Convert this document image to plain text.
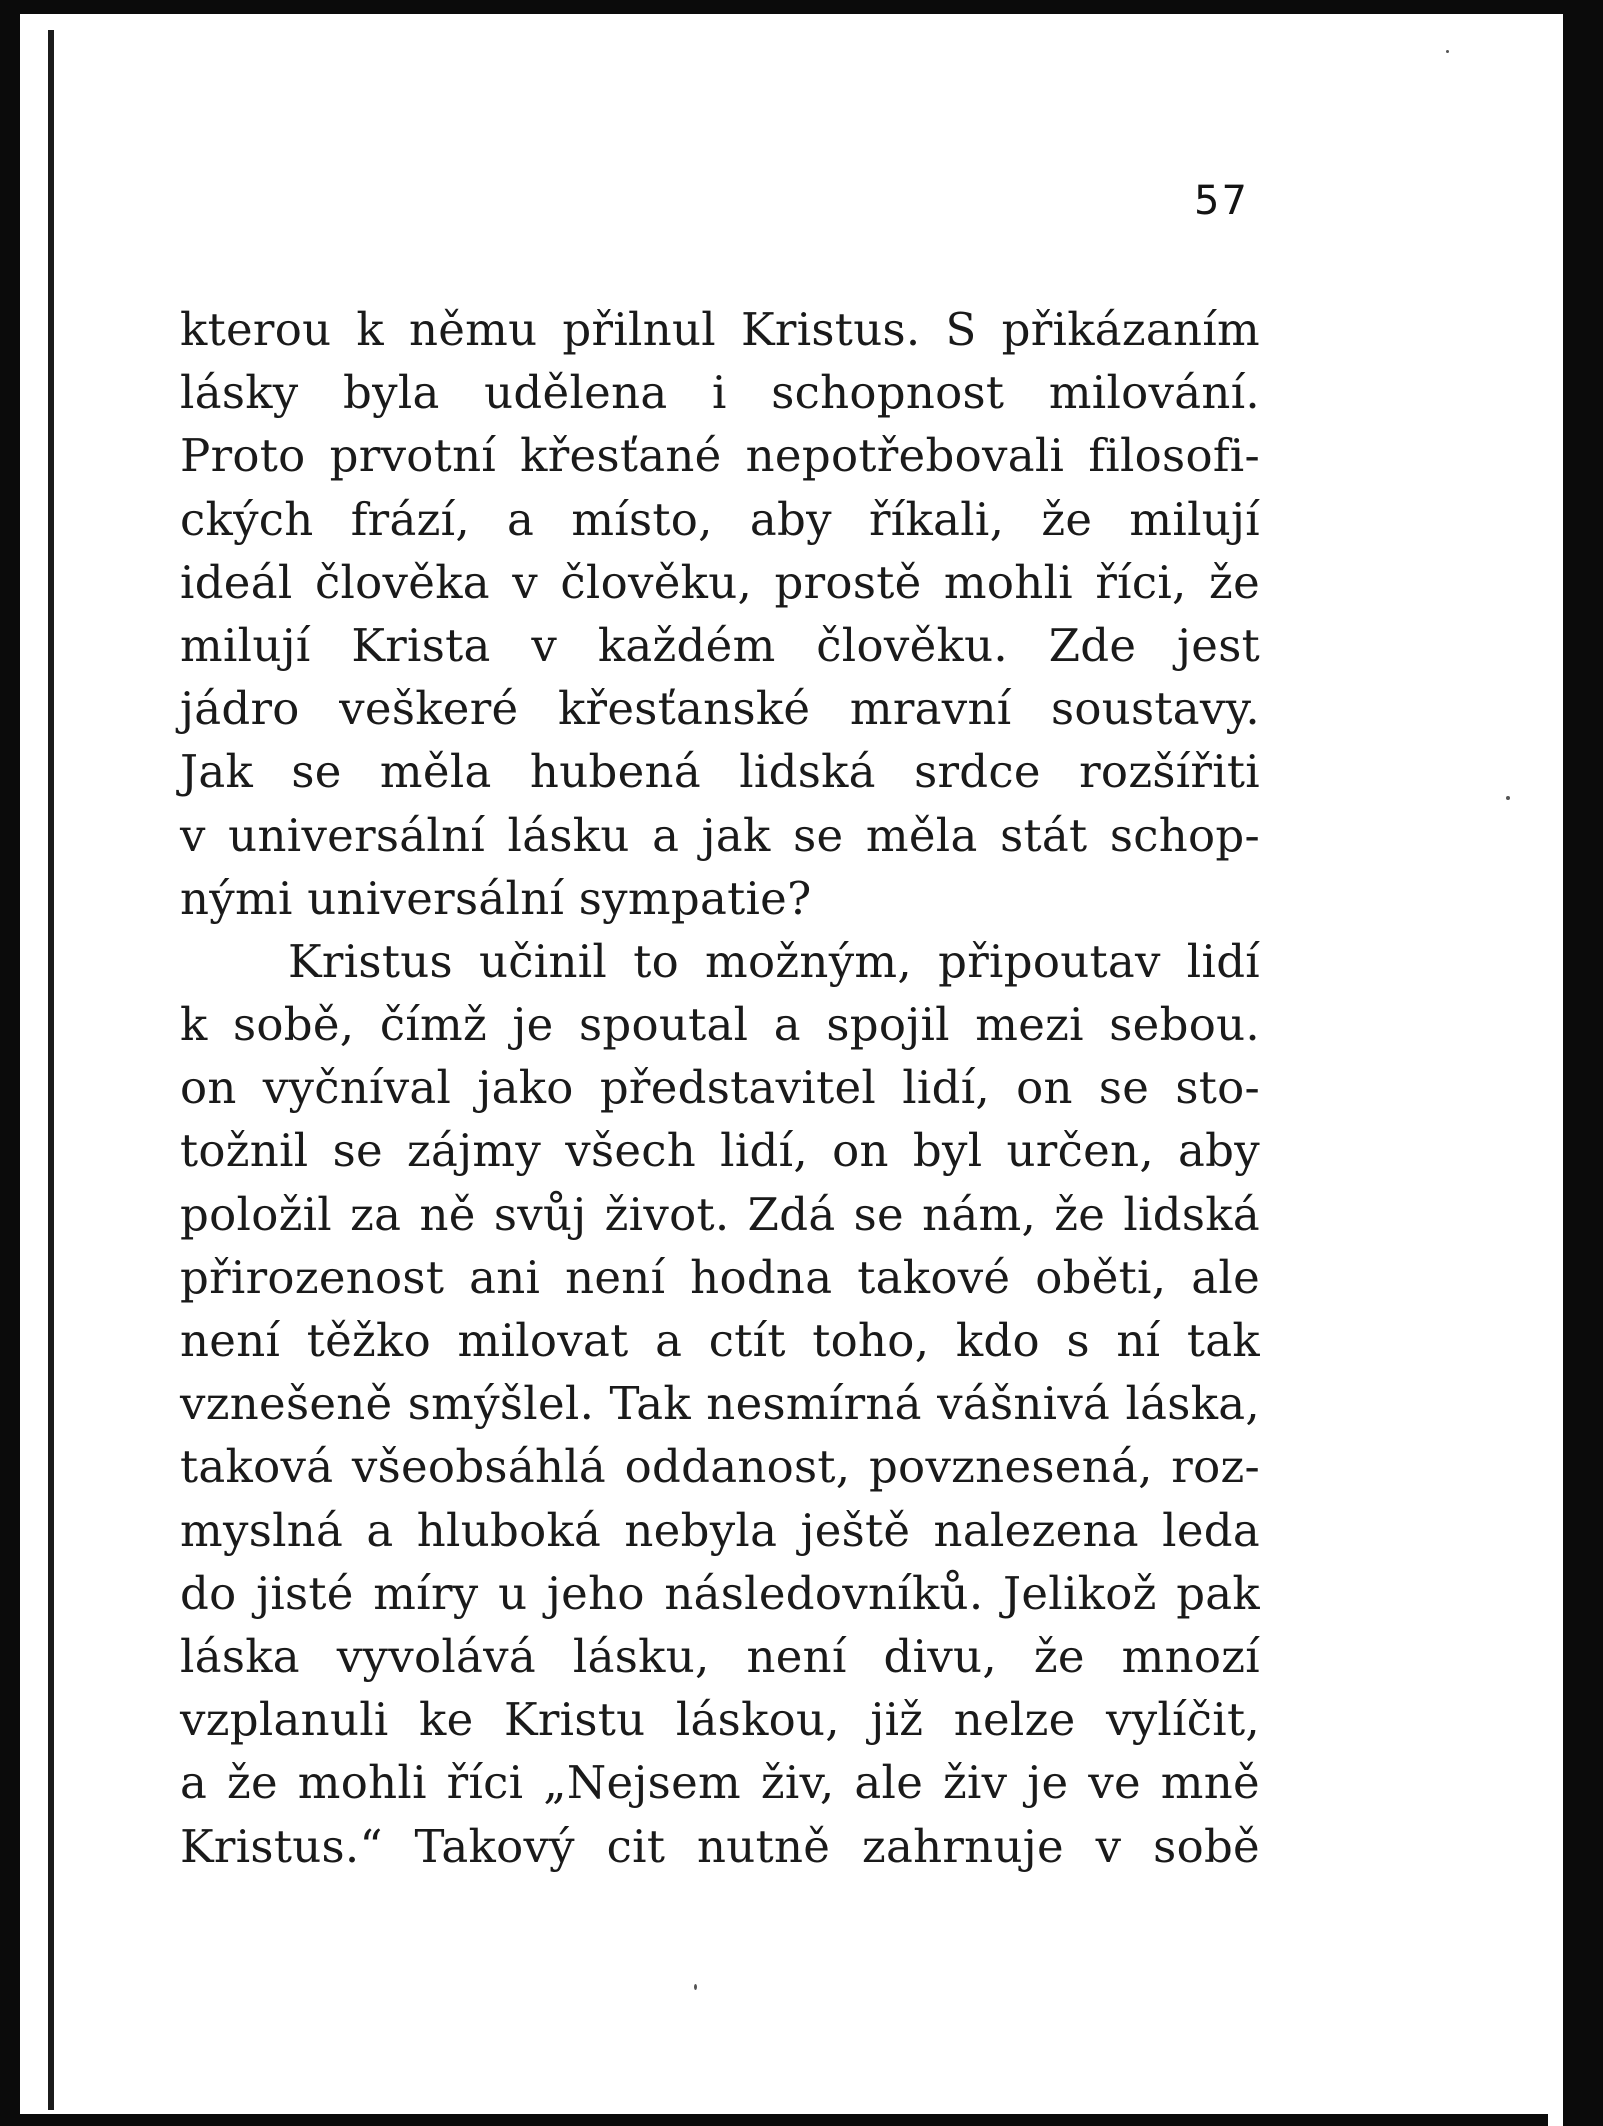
57
kterou k němu přilnul Kristus. S přikázaním
lásky byla udělena i schopnost milování.
Proto prvotní křesťané nepotřebovali filosofi-
ckých frází, a místo, aby říkali, že milují
ideál člověka v člověku, prostě mohli říci, že
milují Krista v každém člověku. Zde jest
jádro veškeré křesťanské mravní soustavy.
Jak se měla hubená lidská srdce rozšířiti
v universální lásku a jak se měla stát schop-
nými universální sympatie?
Kristus učinil to možným, připoutav lidí
k sobě, čímž je spoutal a spojil mezi sebou.
on vyčníval jako představitel lidí, on se sto-
tožnil se zájmy všech lidí, on byl určen, aby
položil za ně svůj život. Zdá se nám, že lidská
přirozenost ani není hodna takové oběti, ale
není těžko milovat a ctít toho, kdo s ní tak
vznešeně smýšlel. Tak nesmírná vášnivá láska,
taková všeobsáhlá oddanost, povznesená, roz-
myslná a hluboká nebyla ještě nalezena leda
do jisté míry u jeho následovníků. Jelikož pak
láska vyvolává lásku, není divu, že mnozí
vzplanuli ke Kristu láskou, již nelze vylíčit,
a že mohli říci „Nejsem živ, ale živ je ve mně
Kristus.“ Takový cit nutně zahrnuje v sobě
